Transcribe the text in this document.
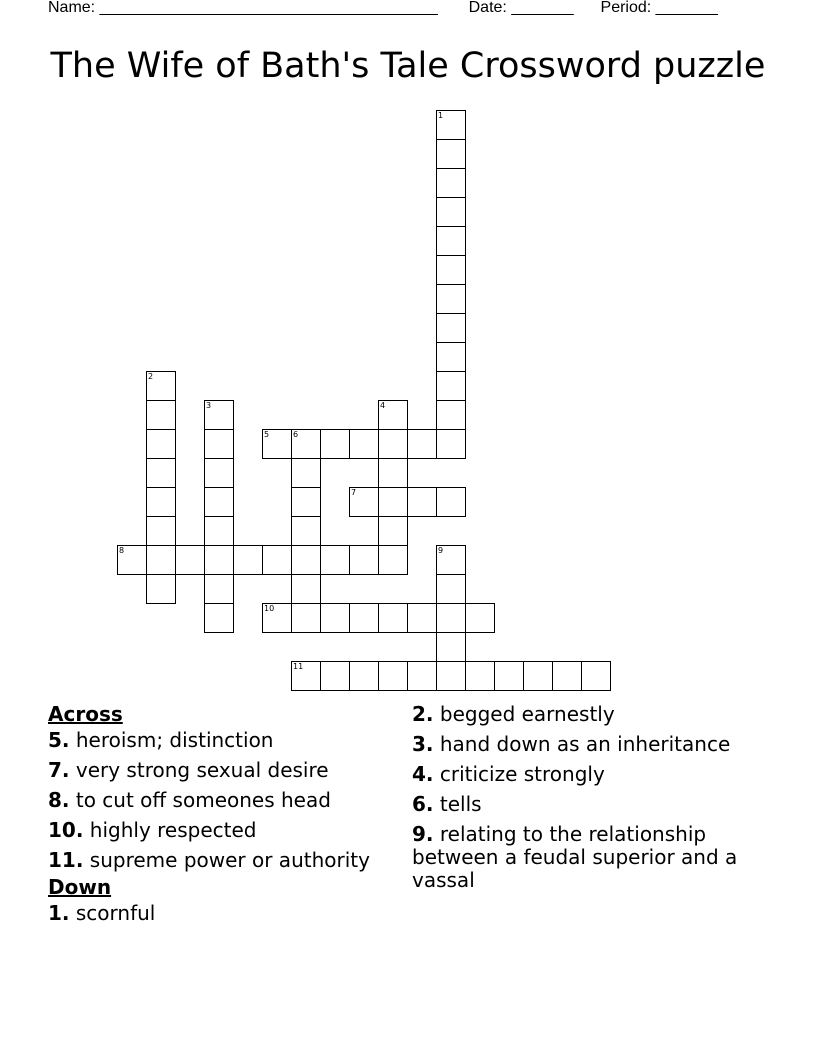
Name: ______________________________________ Date: _______ Period: _______
The Wife of Bath's Tale Crossword puzzle
1
2
3	4
5	6
7
8	9
10
11
Across
5. heroism; distinction
7. very strong sexual desire
8. to cut off someones head
10. highly respected
11. supreme power or authority
Down
1. scornful
2. begged earnestly
3. hand down as an inheritance
4. criticize strongly
6. tells
9. relating to the relationship between a feudal superior and a vassal
